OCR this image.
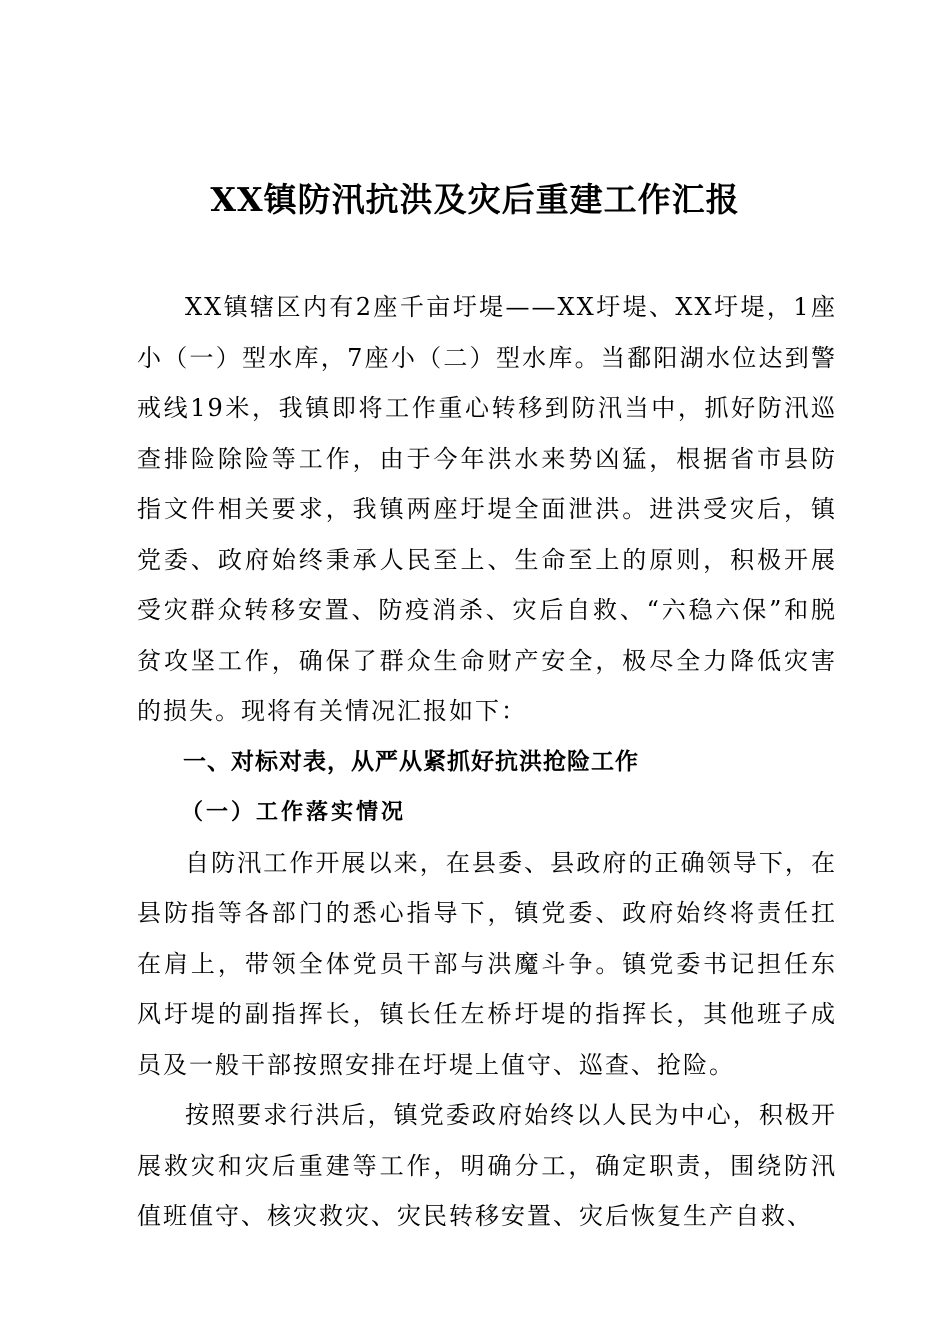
XX镇防汛抗洪及灾后重建工作汇报

XX镇辖区内有2座千亩圩堤——XX圩堤、XX圩堤，1座小（一）型水库，7座小（二）型水库。当鄱阳湖水位达到警戒线19米，我镇即将工作重心转移到防汛当中，抓好防汛巡查排险除险等工作，由于今年洪水来势凶猛，根据省市县防指文件相关要求，我镇两座圩堤全面泄洪。进洪受灾后，镇党委、政府始终秉承人民至上、生命至上的原则，积极开展受灾群众转移安置、防疫消杀、灾后自救、“六稳六保”和脱贫攻坚工作，确保了群众生命财产安全，极尽全力降低灾害的损失。现将有关情况汇报如下：

一、对标对表，从严从紧抓好抗洪抢险工作

（一）工作落实情况

自防汛工作开展以来，在县委、县政府的正确领导下，在县防指等各部门的悉心指导下，镇党委、政府始终将责任扛在肩上，带领全体党员干部与洪魔斗争。镇党委书记担任东风圩堤的副指挥长，镇长任左桥圩堤的指挥长，其他班子成员及一般干部按照安排在圩堤上值守、巡查、抢险。

按照要求行洪后，镇党委政府始终以人民为中心，积极开展救灾和灾后重建等工作，明确分工，确定职责，围绕防汛值班值守、核灾救灾、灾民转移安置、灾后恢复生产自救、
